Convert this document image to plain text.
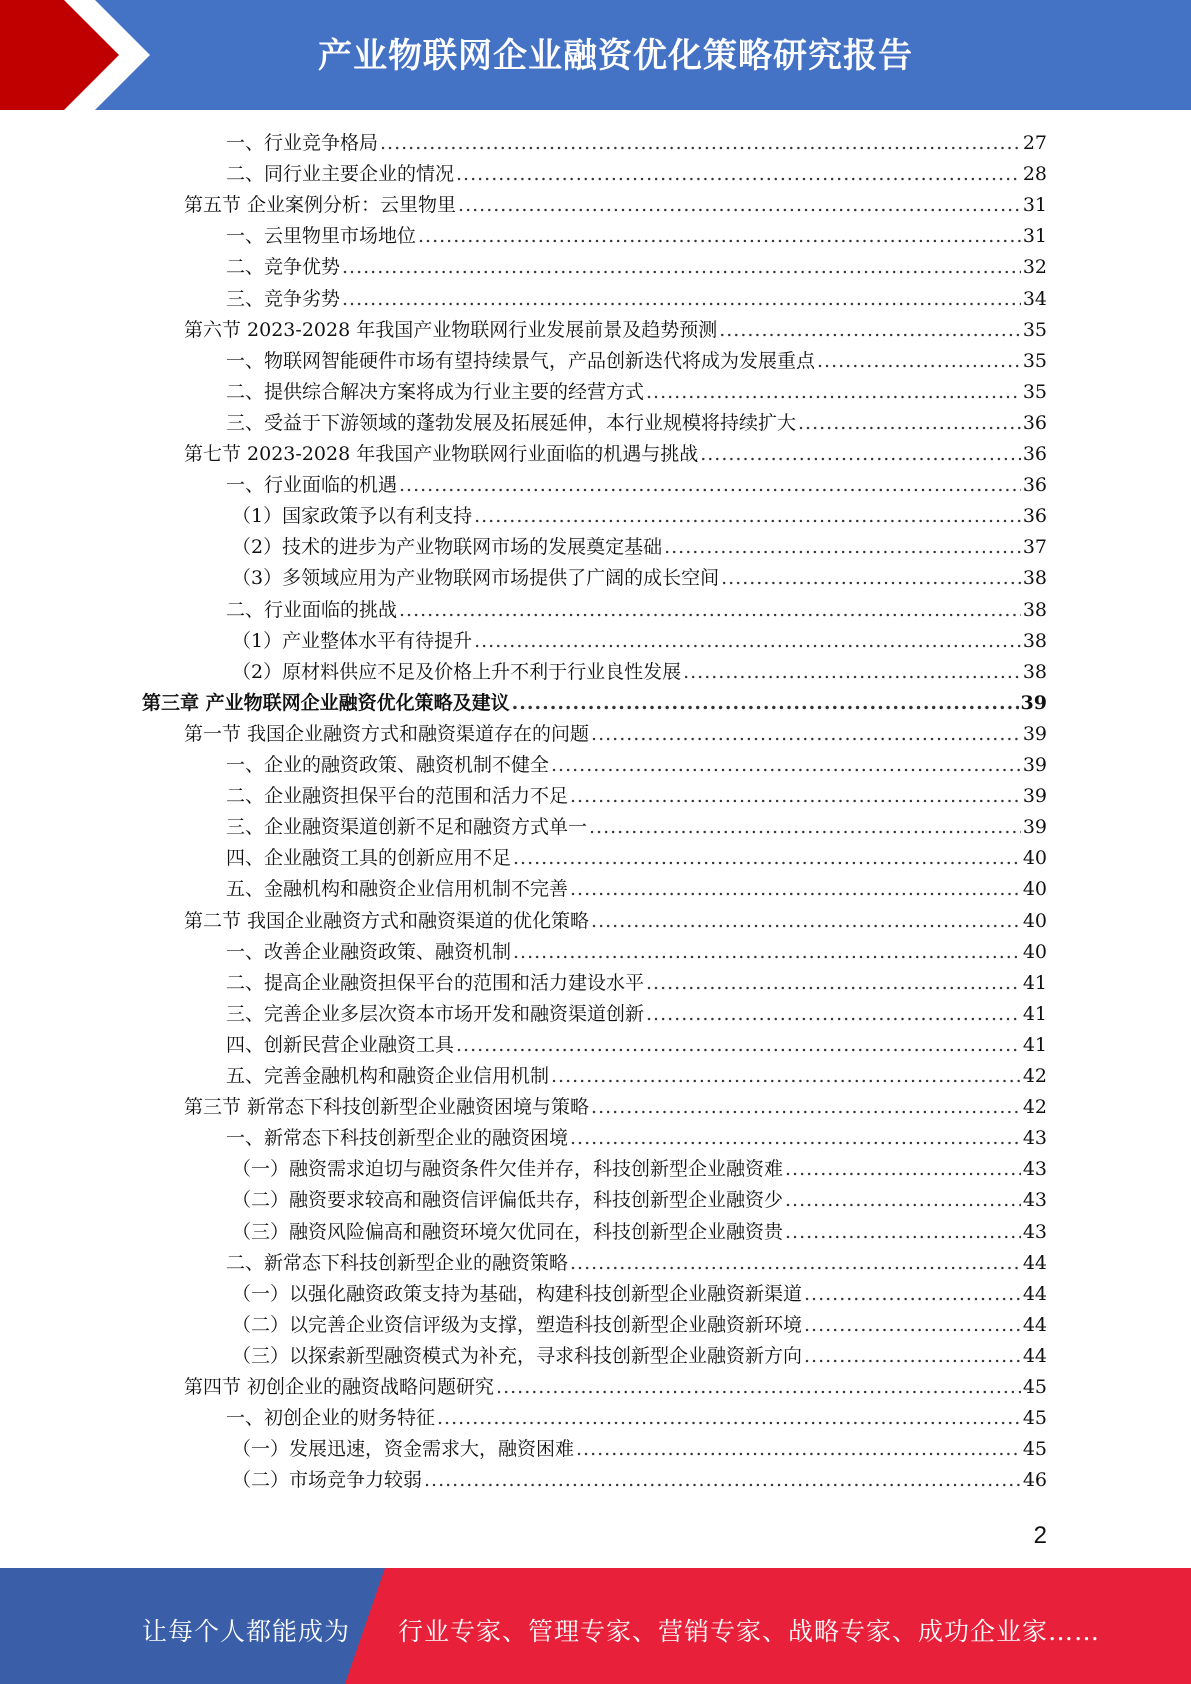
产业物联网企业融资优化策略研究报告
一、行业竞争格局 .....	27
二、同行业主要企业的情况 .....	28
第五节 企业案例分析：云里物里 .....	31
一、云里物里市场地位 .....	31
二、竞争优势 .....	32
三、竞争劣势 .....	34
第六节 2023-2028 年我国产业物联网行业发展前景及趋势预测 .....	35
一、物联网智能硬件市场有望持续景气，产品创新迭代将成为发展重点 .....	35
二、提供综合解决方案将成为行业主要的经营方式 .....	35
三、受益于下游领域的蓬勃发展及拓展延伸，本行业规模将持续扩大 .....	36
第七节 2023-2028 年我国产业物联网行业面临的机遇与挑战 .....	36
一、行业面临的机遇 .....	36
（1）国家政策予以有利支持 .....	36
（2）技术的进步为产业物联网市场的发展奠定基础 .....	37
（3）多领域应用为产业物联网市场提供了广阔的成长空间 .....	38
二、行业面临的挑战 .....	38
（1）产业整体水平有待提升 .....	38
（2）原材料供应不足及价格上升不利于行业良性发展 .....	38
第三章 产业物联网企业融资优化策略及建议 .....	39
第一节 我国企业融资方式和融资渠道存在的问题 .....	39
一、企业的融资政策、融资机制不健全 .....	39
二、企业融资担保平台的范围和活力不足 .....	39
三、企业融资渠道创新不足和融资方式单一 .....	39
四、企业融资工具的创新应用不足 .....	40
五、金融机构和融资企业信用机制不完善 .....	40
第二节 我国企业融资方式和融资渠道的优化策略 .....	40
一、改善企业融资政策、融资机制 .....	40
二、提高企业融资担保平台的范围和活力建设水平 .....	41
三、完善企业多层次资本市场开发和融资渠道创新 .....	41
四、创新民营企业融资工具 .....	41
五、完善金融机构和融资企业信用机制 .....	42
第三节 新常态下科技创新型企业融资困境与策略 .....	42
一、新常态下科技创新型企业的融资困境 .....	43
（一）融资需求迫切与融资条件欠佳并存，科技创新型企业融资难 .....	43
（二）融资要求较高和融资信评偏低共存，科技创新型企业融资少 .....	43
（三）融资风险偏高和融资环境欠优同在，科技创新型企业融资贵 .....	43
二、新常态下科技创新型企业的融资策略 .....	44
（一）以强化融资政策支持为基础，构建科技创新型企业融资新渠道 .....	44
（二）以完善企业资信评级为支撑，塑造科技创新型企业融资新环境 .....	44
（三）以探索新型融资模式为补充，寻求科技创新型企业融资新方向 .....	44
第四节 初创企业的融资战略问题研究 .....	45
一、初创企业的财务特征 .....	45
（一）发展迅速，资金需求大，融资困难 .....	45
（二）市场竞争力较弱 .....	46
2
让每个人都能成为 行业专家、管理专家、营销专家、战略专家、成功企业家……
